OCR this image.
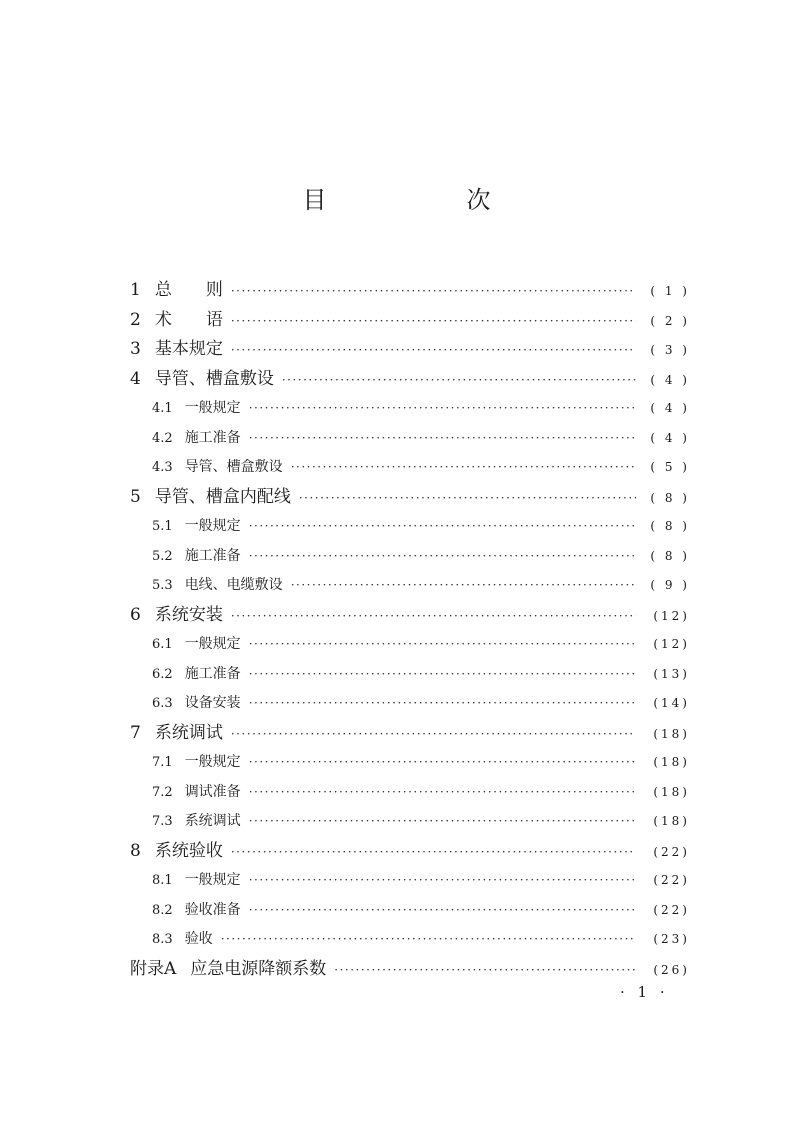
目　次
1 总　　则 ·····	( 1 )
2 术　　语 ·····	( 2 )
3 基本规定 ·····	( 3 )
4 导管、槽盒敷设 ·····	( 4 )
4.1 一般规定 ·····	( 4 )
4.2 施工准备 ·····	( 4 )
4.3 导管、槽盒敷设 ·····	( 5 )
5 导管、槽盒内配线 ·····	( 8 )
5.1 一般规定 ·····	( 8 )
5.2 施工准备 ·····	( 8 )
5.3 电线、电缆敷设 ·····	( 9 )
6 系统安装 ·····	(12)
6.1 一般规定 ·····	(12)
6.2 施工准备 ·····	(13)
6.3 设备安装 ·····	(14)
7 系统调试 ·····	(18)
7.1 一般规定 ·····	(18)
7.2 调试准备 ·····	(18)
7.3 系统调试 ·····	(18)
8 系统验收 ·····	(22)
8.1 一般规定 ·····	(22)
8.2 验收准备 ·····	(22)
8.3 验收 ·····	(23)
附录A 应急电源降额系数 ·····	(26)
· 1 ·
